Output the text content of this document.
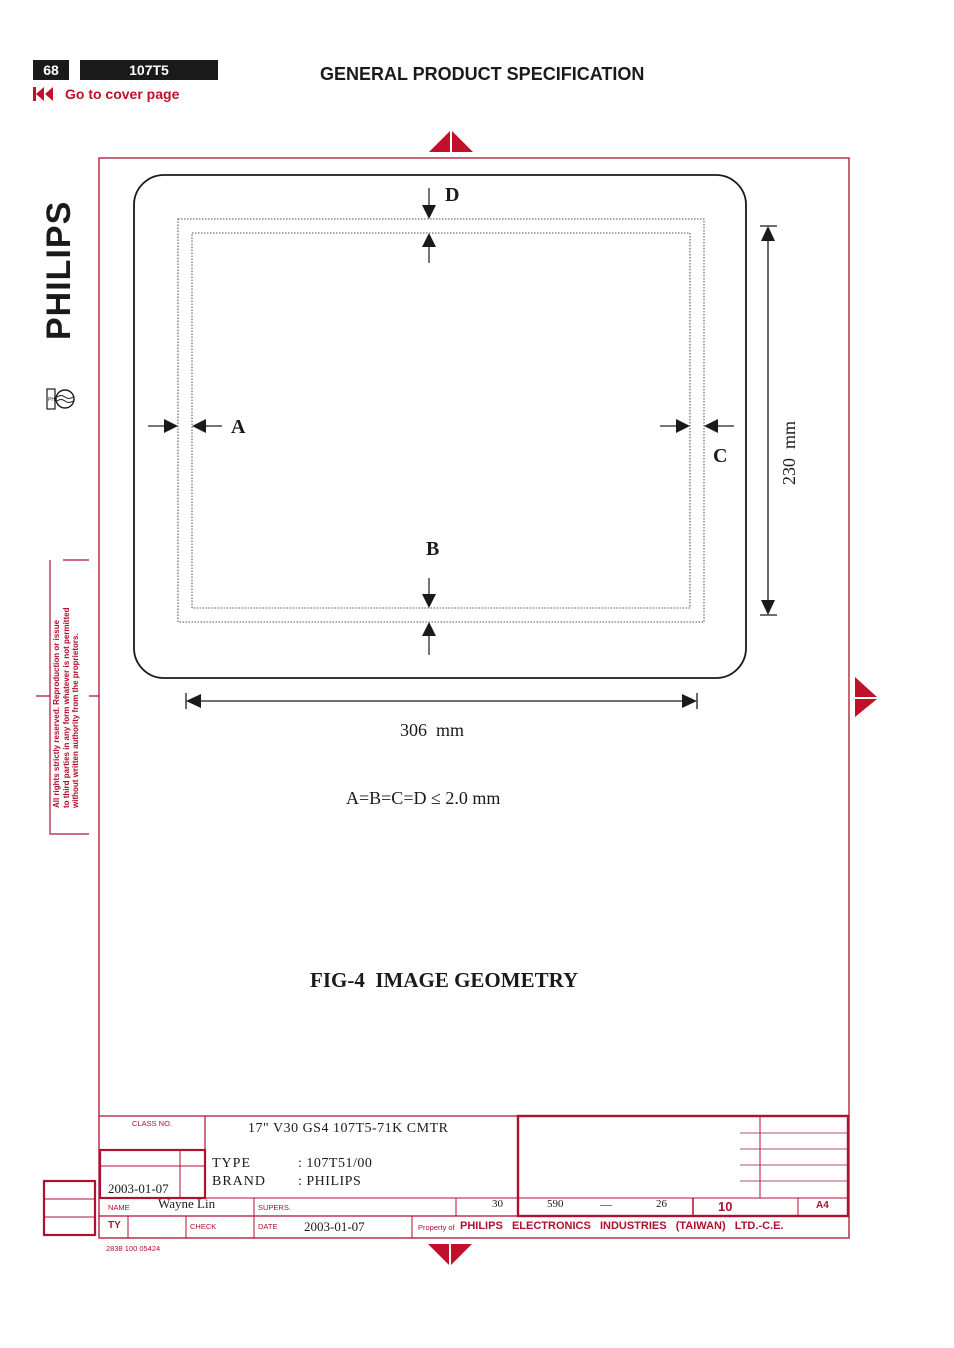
68	107T5
Go to cover page
GENERAL PRODUCT SPECIFICATION
PHILIPS
PH
All rights strictly reserved. Reproduction or issue to third parties in any form whatever is not permitted without written authority from the proprietors.
D
A
C
B
230  mm
306  mm
A=B=C=D ≤ 2.0 mm
FIG-4  IMAGE GEOMETRY
CLASS NO.	17" V30 GS4 107T5-71K CMTR
TYPE	: 107T51/00
BRAND : PHILIPS
2003-01-07
NAME Wayne Lin	SUPERS.	30	590	—	26	10	A4
TY	CHECK	DATE 2003-01-07	Property of PHILIPS   ELECTRONICS   INDUSTRIES   (TAIWAN)   LTD.-C.E.
2838 100 05424
